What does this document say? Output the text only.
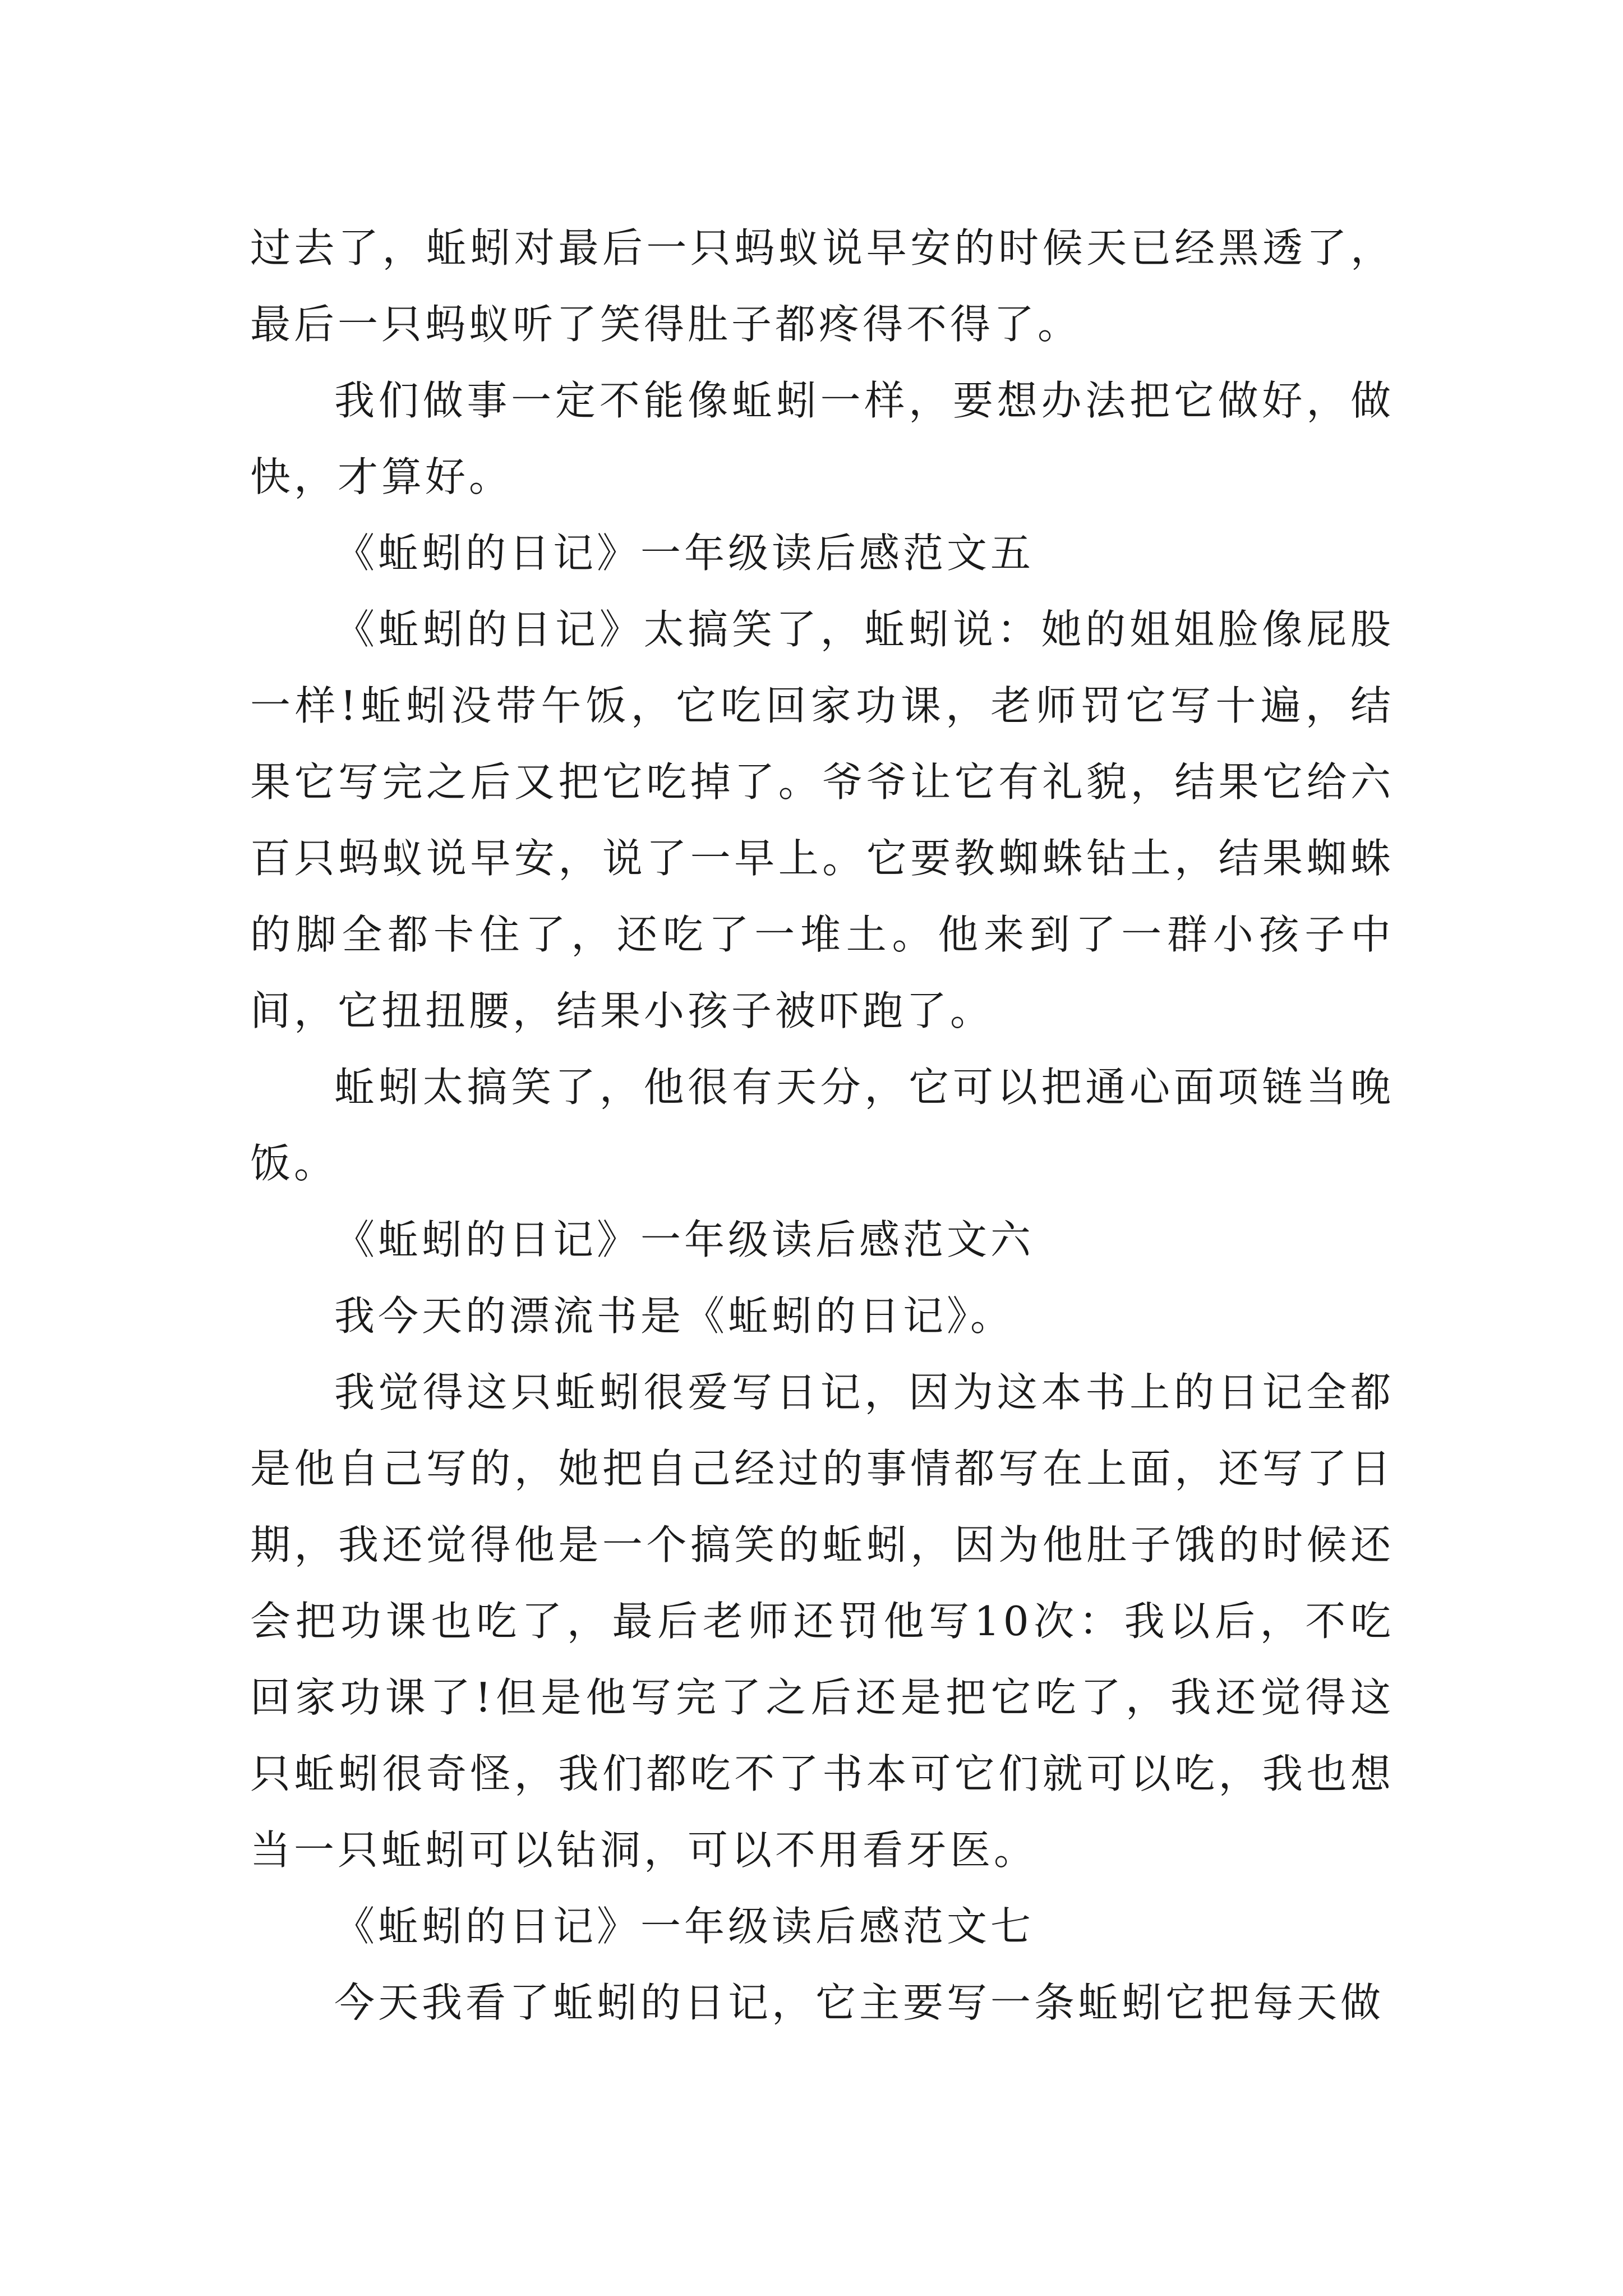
过去了，蚯蚓对最后一只蚂蚁说早安的时候天已经黑透了，最后一只蚂蚁听了笑得肚子都疼得不得了。

我们做事一定不能像蚯蚓一样，要想办法把它做好，做快，才算好。

《蚯蚓的日记》一年级读后感范文五

《蚯蚓的日记》太搞笑了，蚯蚓说：她的姐姐脸像屁股一样!蚯蚓没带午饭，它吃回家功课，老师罚它写十遍，结果它写完之后又把它吃掉了。爷爷让它有礼貌，结果它给六百只蚂蚁说早安，说了一早上。它要教蜘蛛钻土，结果蜘蛛的脚全都卡住了，还吃了一堆土。他来到了一群小孩子中间，它扭扭腰，结果小孩子被吓跑了。

蚯蚓太搞笑了，他很有天分，它可以把通心面项链当晚饭。

《蚯蚓的日记》一年级读后感范文六

我今天的漂流书是《蚯蚓的日记》。

我觉得这只蚯蚓很爱写日记，因为这本书上的日记全都是他自己写的，她把自己经过的事情都写在上面，还写了日期，我还觉得他是一个搞笑的蚯蚓，因为他肚子饿的时候还会把功课也吃了，最后老师还罚他写10次：我以后，不吃回家功课了!但是他写完了之后还是把它吃了，我还觉得这只蚯蚓很奇怪，我们都吃不了书本可它们就可以吃，我也想当一只蚯蚓可以钻洞，可以不用看牙医。

《蚯蚓的日记》一年级读后感范文七

今天我看了蚯蚓的日记，它主要写一条蚯蚓它把每天做
